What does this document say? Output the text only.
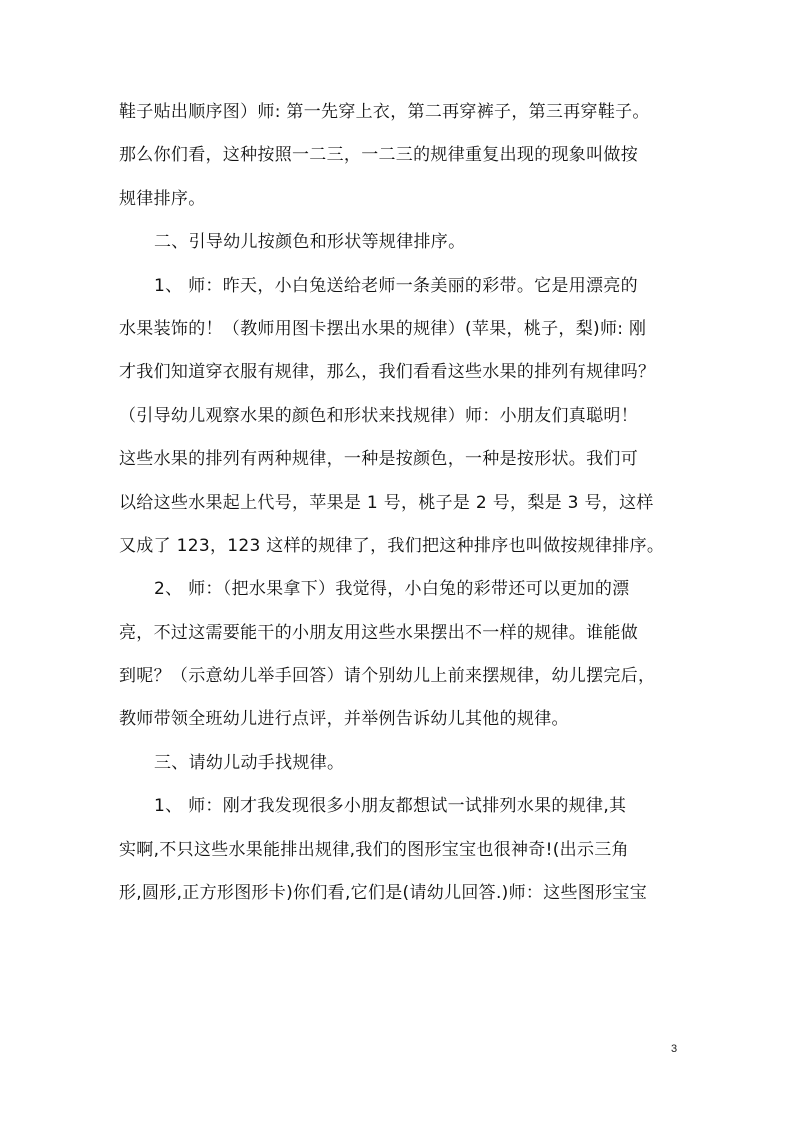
鞋子贴出顺序图）师: 第一先穿上衣，第二再穿裤子，第三再穿鞋子。
那么你们看，这种按照一二三，一二三的规律重复出现的现象叫做按
规律排序。
二、引导幼儿按颜色和形状等规律排序。
1、 师：昨天，小白兔送给老师一条美丽的彩带。它是用漂亮的
水果装饰的！（教师用图卡摆出水果的规律）(苹果，桃子，梨)师: 刚
才我们知道穿衣服有规律，那么，我们看看这些水果的排列有规律吗？
（引导幼儿观察水果的颜色和形状来找规律）师：小朋友们真聪明！
这些水果的排列有两种规律，一种是按颜色，一种是按形状。我们可
以给这些水果起上代号，苹果是 1 号，桃子是 2 号，梨是 3 号，这样
又成了 123，123 这样的规律了，我们把这种排序也叫做按规律排序。
2、 师：（把水果拿下）我觉得，小白兔的彩带还可以更加的漂
亮，不过这需要能干的小朋友用这些水果摆出不一样的规律。谁能做
到呢？（示意幼儿举手回答）请个别幼儿上前来摆规律，幼儿摆完后，
教师带领全班幼儿进行点评，并举例告诉幼儿其他的规律。
三、请幼儿动手找规律。
1、 师：刚才我发现很多小朋友都想试一试排列水果的规律,其
实啊,不只这些水果能排出规律,我们的图形宝宝也很神奇!(出示三角
形,圆形,正方形图形卡)你们看,它们是(请幼儿回答.)师：这些图形宝宝
3
